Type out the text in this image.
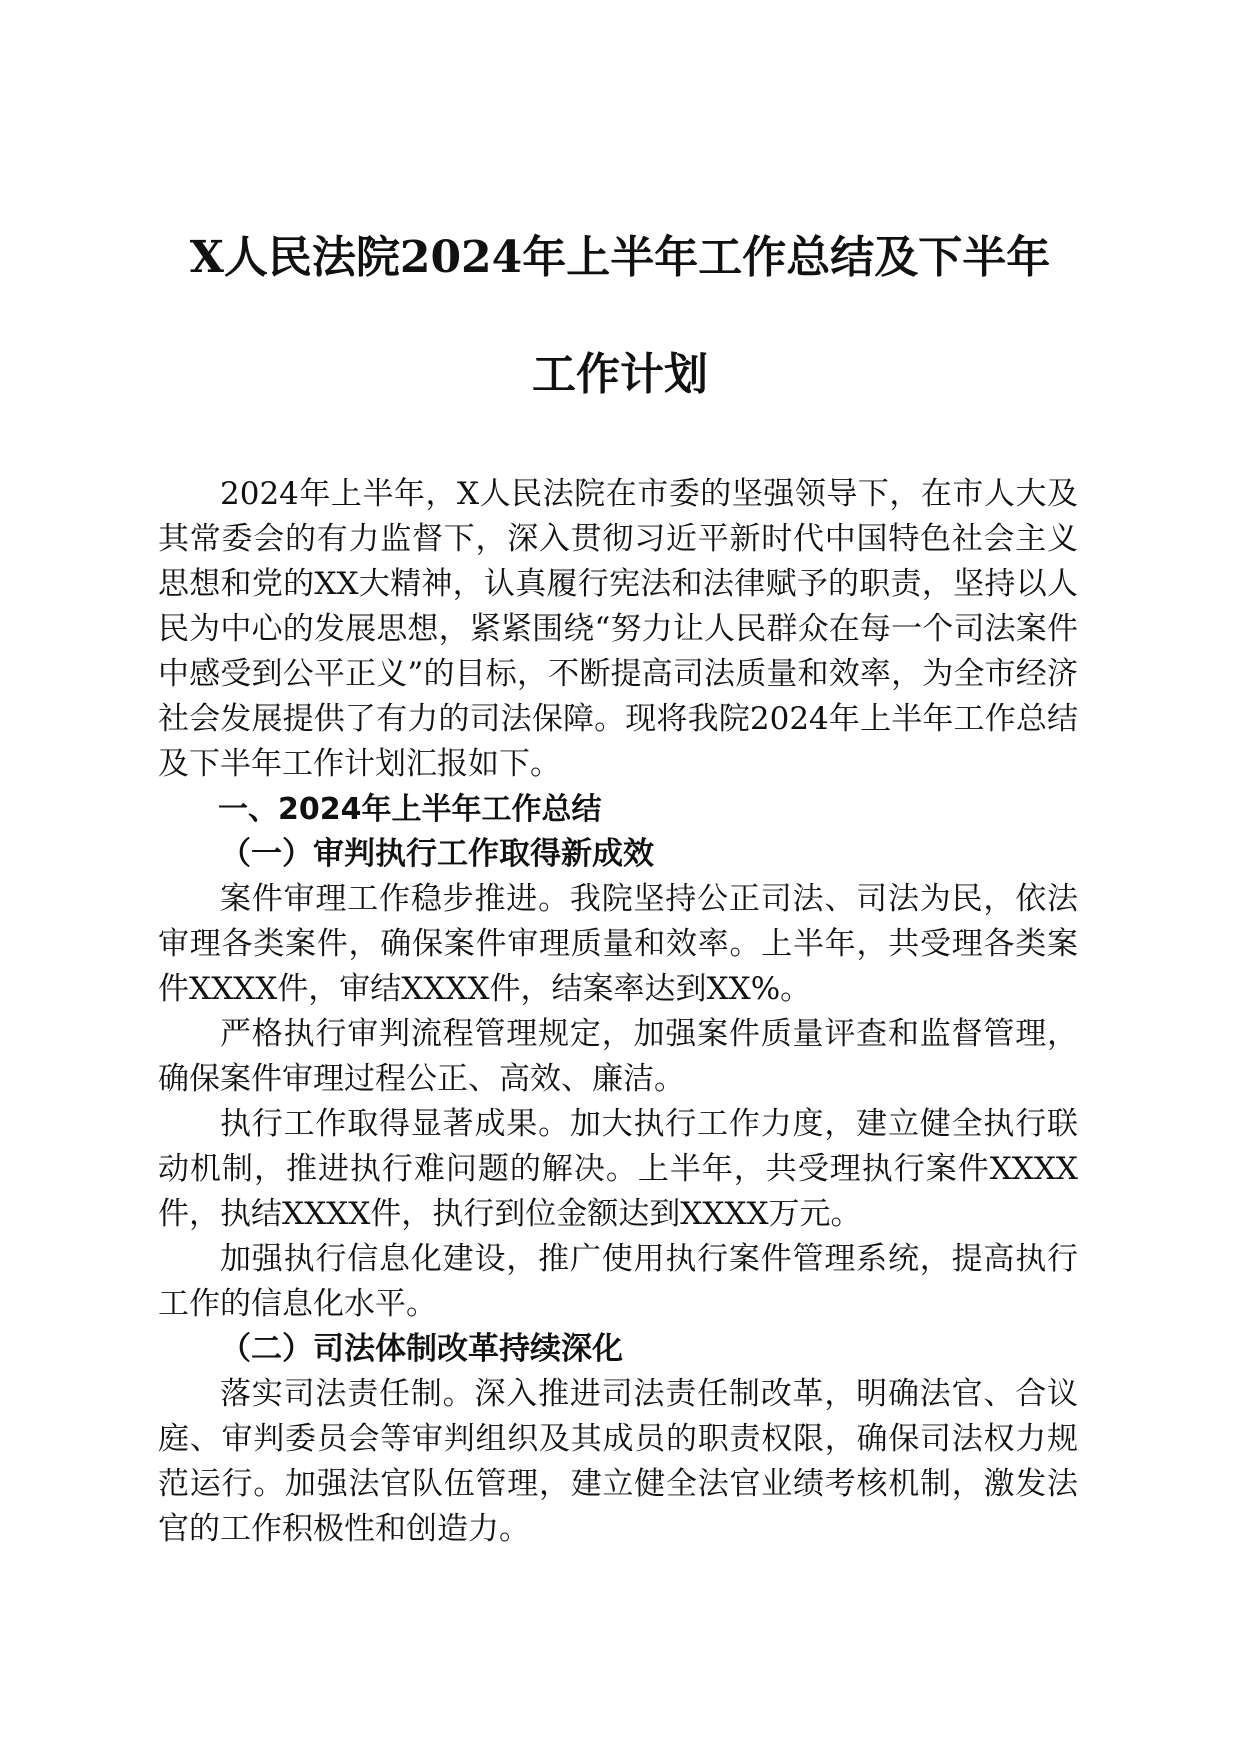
X人民法院2024年上半年工作总结及下半年
工作计划

2024年上半年，X人民法院在市委的坚强领导下，在市人大及其常委会的有力监督下，深入贯彻习近平新时代中国特色社会主义思想和党的XX大精神，认真履行宪法和法律赋予的职责，坚持以人民为中心的发展思想，紧紧围绕“努力让人民群众在每一个司法案件中感受到公平正义”的目标，不断提高司法质量和效率，为全市经济社会发展提供了有力的司法保障。现将我院2024年上半年工作总结及下半年工作计划汇报如下。

一、2024年上半年工作总结

（一）审判执行工作取得新成效

案件审理工作稳步推进。我院坚持公正司法、司法为民，依法审理各类案件，确保案件审理质量和效率。上半年，共受理各类案件XXXX件，审结XXXX件，结案率达到XX%。

严格执行审判流程管理规定，加强案件质量评查和监督管理，确保案件审理过程公正、高效、廉洁。

执行工作取得显著成果。加大执行工作力度，建立健全执行联动机制，推进执行难问题的解决。上半年，共受理执行案件XXXX件，执结XXXX件，执行到位金额达到XXXX万元。

加强执行信息化建设，推广使用执行案件管理系统，提高执行工作的信息化水平。

（二）司法体制改革持续深化

落实司法责任制。深入推进司法责任制改革，明确法官、合议庭、审判委员会等审判组织及其成员的职责权限，确保司法权力规范运行。加强法官队伍管理，建立健全法官业绩考核机制，激发法官的工作积极性和创造力。
